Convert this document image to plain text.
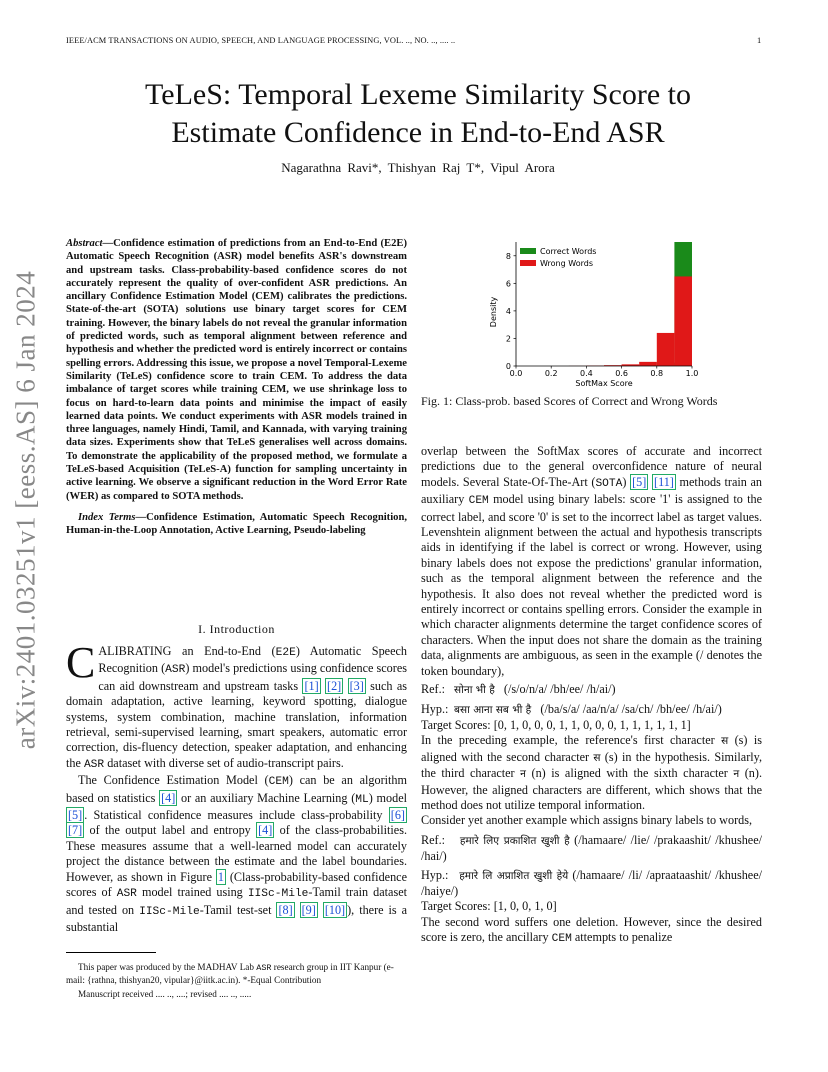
IEEE/ACM TRANSACTIONS ON AUDIO, SPEECH, AND LANGUAGE PROCESSING, VOL. .., NO. .., .... ..	1
TeLeS: Temporal Lexeme Similarity Score to
Estimate Confidence in End-to-End ASR
Nagarathna Ravi*, Thishyan Raj T*, Vipul Arora
arXiv:2401.03251v1 [eess.AS] 6 Jan 2024

Abstract—Confidence estimation of predictions from an End-to-End (E2E) Automatic Speech Recognition (ASR) model benefits ASR's downstream and upstream tasks. Class-probability-based confidence scores do not accurately represent the quality of over-confident ASR predictions. An ancillary Confidence Estimation Model (CEM) calibrates the predictions. State-of-the-art (SOTA) solutions use binary target scores for CEM training. However, the binary labels do not reveal the granular information of predicted words, such as temporal alignment between reference and hypothesis and whether the predicted word is entirely incorrect or contains spelling errors. Addressing this issue, we propose a novel Temporal-Lexeme Similarity (TeLeS) confidence score to train CEM. To address the data imbalance of target scores while training CEM, we use shrinkage loss to focus on hard-to-learn data points and minimise the impact of easily learned data points. We conduct experiments with ASR models trained in three languages, namely Hindi, Tamil, and Kannada, with varying training data sizes. Experiments show that TeLeS generalises well across domains. To demonstrate the applicability of the proposed method, we formulate a TeLeS-based Acquisition (TeLeS-A) function for sampling uncertainty in active learning. We observe a significant reduction in the Word Error Rate (WER) as compared to SOTA methods.

Index Terms—Confidence Estimation, Automatic Speech Recognition, Human-in-the-Loop Annotation, Active Learning, Pseudo-labeling

I. Introduction

CALIBRATING an End-to-End (E2E) Automatic Speech Recognition (ASR) model's predictions using confidence scores can aid downstream and upstream tasks [1] [2] [3] such as domain adaptation, active learning, keyword spotting, dialogue systems, system combination, machine translation, information retrieval, semi-supervised learning, smart speakers, automatic error correction, dis-fluency detection, speaker adaptation, and enhancing the ASR dataset with diverse set of audio-transcript pairs.

The Confidence Estimation Model (CEM) can be an algorithm based on statistics [4] or an auxiliary Machine Learning (ML) model [5] . Statistical confidence measures include class-probability [6] [7] of the output label and entropy [4] of the class-probabilities. These measures assume that a well-learned model can accurately project the distance between the estimate and the label boundaries. However, as shown in Figure 1 (Class-probability-based confidence scores of ASR model trained using IISc-Mile-Tamil train dataset and tested on IISc-Mile-Tamil test-set [8] [9] [10] ), there is a substantial

This paper was produced by the MADHAV Lab ASR research group in IIT Kanpur (e-mail: {rathna, thishyan20, vipular}@iitk.ac.in). *-Equal Contribution

Manuscript received .... .., ....; revised .... .., .....

0.0	0.2	0.4	0.6	0.8	1.0
0
2
4
6
8
SoftMax Score
Density
Correct Words
Wrong Words
Fig. 1: Class-prob. based Scores of Correct and Wrong Words

overlap between the SoftMax scores of accurate and incorrect predictions due to the general overconfidence nature of neural models. Several State-Of-The-Art (SOTA) [5] [11] methods train an auxiliary CEM model using binary labels: score '1' is assigned to the correct label, and score '0' is set to the incorrect label as target values. Levenshtein alignment between the actual and hypothesis transcripts aids in identifying if the label is correct or wrong. However, using binary labels does not expose the predictions' granular information, such as the temporal alignment between the reference and the hypothesis. It also does not reveal whether the predicted word is entirely incorrect or contains spelling errors. Consider the example in which character alignments determine the target confidence scores of characters. When the input does not share the domain as the training data, alignments are ambiguous, as seen in the example (/ denotes the token boundary),

Ref.: सोना भी है (/s/o/n/a/ /bh/ee/ /h/ai/)
Hyp.: बसा आना सब भी है (/ba/s/a/ /aa/n/a/ /sa/ch/ /bh/ee/ /h/ai/)
Target Scores: [0, 1, 0, 0, 0, 1, 1, 0, 0, 0, 1, 1, 1, 1, 1, 1]

In the preceding example, the reference's first character स (s) is aligned with the second character स (s) in the hypothesis. Similarly, the third character न (n) is aligned with the sixth character न (n). However, the aligned characters are different, which shows that the method does not utilize temporal information.

Consider yet another example which assigns binary labels to words,

Ref.: हमारे लिए प्रकाशित खुशी है (/hamaare/ /lie/ /prakaashit/ /khushee/ /hai/)
Hyp.: हमारे लि अप्राशित खुशी हेये (/hamaare/ /li/ /apraataashit/ /khushee/ /haiye/)
Target Scores: [1, 0, 0, 1, 0]

The second word suffers one deletion. However, since the desired score is zero, the ancillary CEM attempts to penalize
